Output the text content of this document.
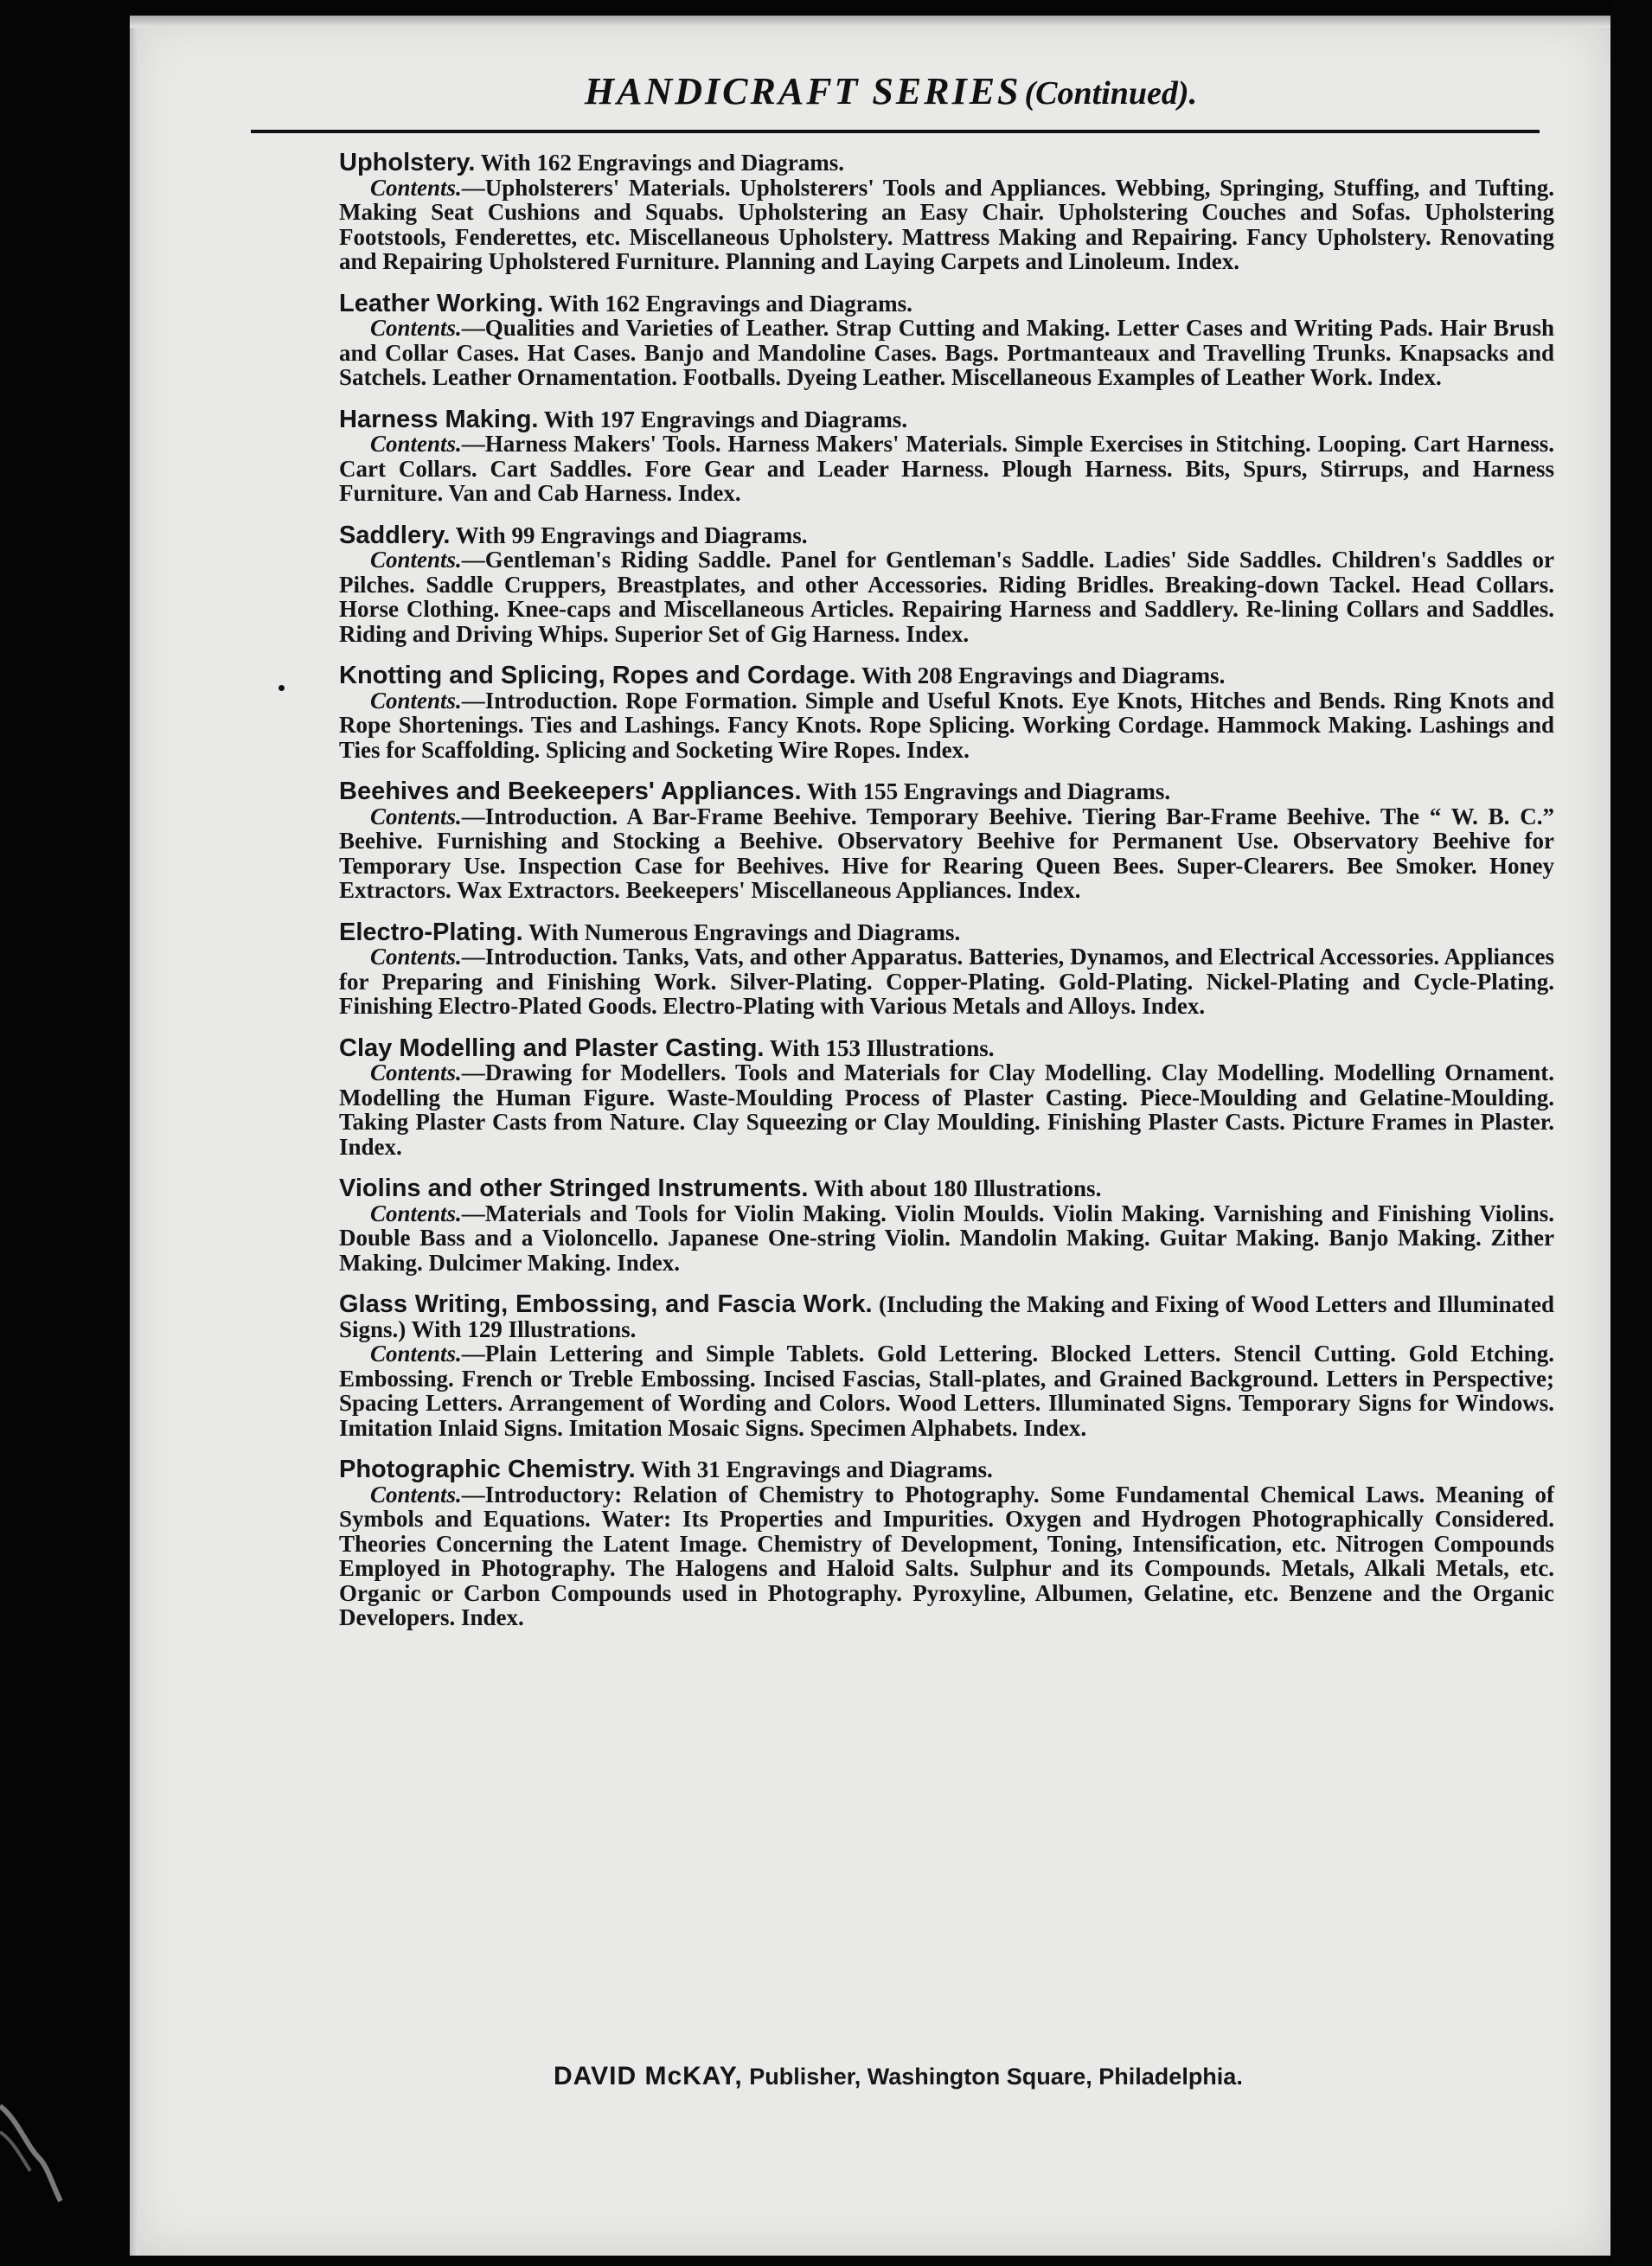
HANDICRAFT SERIES (Continued).

Upholstery. With 162 Engravings and Diagrams.
Contents.—Upholsterers' Materials. Upholsterers' Tools and Appliances. Webbing, Springing, Stuffing, and Tufting. Making Seat Cushions and Squabs. Upholstering an Easy Chair. Upholstering Couches and Sofas. Upholstering Footstools, Fenderettes, etc. Miscellaneous Upholstery. Mattress Making and Repairing. Fancy Upholstery. Renovating and Repairing Upholstered Furniture. Planning and Laying Carpets and Linoleum. Index.

Leather Working. With 162 Engravings and Diagrams.
Contents.—Qualities and Varieties of Leather. Strap Cutting and Making. Letter Cases and Writing Pads. Hair Brush and Collar Cases. Hat Cases. Banjo and Mandoline Cases. Bags. Portmanteaux and Travelling Trunks. Knapsacks and Satchels. Leather Ornamentation. Footballs. Dyeing Leather. Miscellaneous Examples of Leather Work. Index.

Harness Making. With 197 Engravings and Diagrams.
Contents.—Harness Makers' Tools. Harness Makers' Materials. Simple Exercises in Stitching. Looping. Cart Harness. Cart Collars. Cart Saddles. Fore Gear and Leader Harness. Plough Harness. Bits, Spurs, Stirrups, and Harness Furniture. Van and Cab Harness. Index.

Saddlery. With 99 Engravings and Diagrams.
Contents.—Gentleman's Riding Saddle. Panel for Gentleman's Saddle. Ladies' Side Saddles. Children's Saddles or Pilches. Saddle Cruppers, Breastplates, and other Accessories. Riding Bridles. Breaking-down Tackel. Head Collars. Horse Clothing. Knee-caps and Miscellaneous Articles. Repairing Harness and Saddlery. Re-lining Collars and Saddles. Riding and Driving Whips. Superior Set of Gig Harness. Index.

Knotting and Splicing, Ropes and Cordage. With 208 Engravings and Diagrams.
Contents.—Introduction. Rope Formation. Simple and Useful Knots. Eye Knots, Hitches and Bends. Ring Knots and Rope Shortenings. Ties and Lashings. Fancy Knots. Rope Splicing. Working Cordage. Hammock Making. Lashings and Ties for Scaffolding. Splicing and Socketing Wire Ropes. Index.

Beehives and Beekeepers' Appliances. With 155 Engravings and Diagrams.
Contents.—Introduction. A Bar-Frame Beehive. Temporary Beehive. Tiering Bar-Frame Beehive. The “ W. B. C.” Beehive. Furnishing and Stocking a Beehive. Observatory Beehive for Permanent Use. Observatory Beehive for Temporary Use. Inspection Case for Beehives. Hive for Rearing Queen Bees. Super-Clearers. Bee Smoker. Honey Extractors. Wax Extractors. Beekeepers' Miscellaneous Appliances. Index.

Electro-Plating. With Numerous Engravings and Diagrams.
Contents.—Introduction. Tanks, Vats, and other Apparatus. Batteries, Dynamos, and Electrical Accessories. Appliances for Preparing and Finishing Work. Silver-Plating. Copper-Plating. Gold-Plating. Nickel-Plating and Cycle-Plating. Finishing Electro-Plated Goods. Electro-Plating with Various Metals and Alloys. Index.

Clay Modelling and Plaster Casting. With 153 Illustrations.
Contents.—Drawing for Modellers. Tools and Materials for Clay Modelling. Clay Modelling. Modelling Ornament. Modelling the Human Figure. Waste-Moulding Process of Plaster Casting. Piece-Moulding and Gelatine-Moulding. Taking Plaster Casts from Nature. Clay Squeezing or Clay Moulding. Finishing Plaster Casts. Picture Frames in Plaster. Index.

Violins and other Stringed Instruments. With about 180 Illustrations.
Contents.—Materials and Tools for Violin Making. Violin Moulds. Violin Making. Varnishing and Finishing Violins. Double Bass and a Violoncello. Japanese One-string Violin. Mandolin Making. Guitar Making. Banjo Making. Zither Making. Dulcimer Making. Index.

Glass Writing, Embossing, and Fascia Work. (Including the Making and Fixing of Wood Letters and Illuminated Signs.) With 129 Illustrations.
Contents.—Plain Lettering and Simple Tablets. Gold Lettering. Blocked Letters. Stencil Cutting. Gold Etching. Embossing. French or Treble Embossing. Incised Fascias, Stall-plates, and Grained Background. Letters in Perspective; Spacing Letters. Arrangement of Wording and Colors. Wood Letters. Illuminated Signs. Temporary Signs for Windows. Imitation Inlaid Signs. Imitation Mosaic Signs. Specimen Alphabets. Index.

Photographic Chemistry. With 31 Engravings and Diagrams.
Contents.—Introductory: Relation of Chemistry to Photography. Some Fundamental Chemical Laws. Meaning of Symbols and Equations. Water: Its Properties and Impurities. Oxygen and Hydrogen Photographically Considered. Theories Concerning the Latent Image. Chemistry of Development, Toning, Intensification, etc. Nitrogen Compounds Employed in Photography. The Halogens and Haloid Salts. Sulphur and its Compounds. Metals, Alkali Metals, etc. Organic or Carbon Compounds used in Photography. Pyroxyline, Albumen, Gelatine, etc. Benzene and the Organic Developers. Index.

DAVID McKAY, Publisher, Washington Square, Philadelphia.
